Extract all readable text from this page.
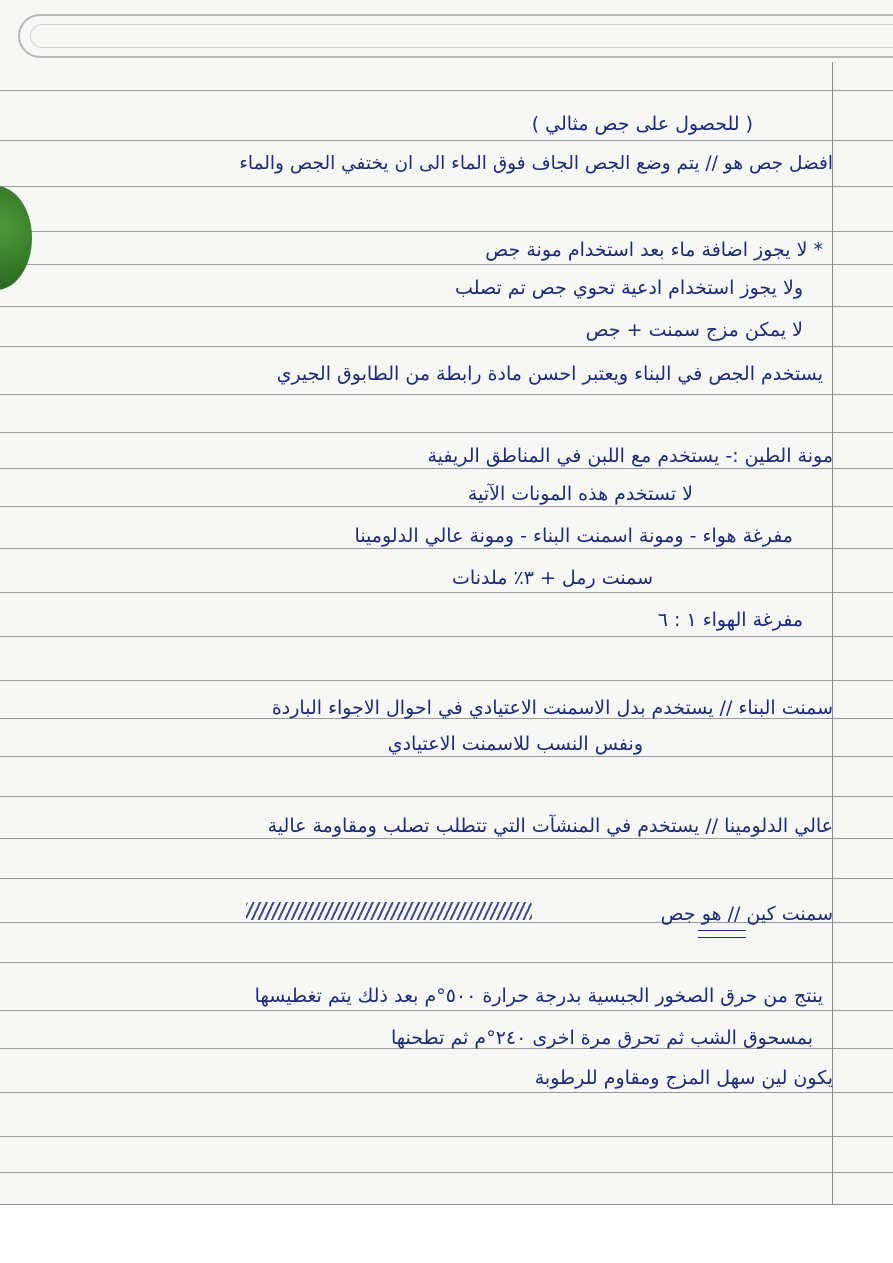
( للحصول على جص مثالي )
افضل جص هو // يتم وضع الجص الجاف فوق الماء الى ان يختفي الجص والماء
* لا يجوز اضافة ماء بعد استخدام مونة جص
ولا يجوز استخدام ادعية تحوي جص تم تصلب
لا يمكن مزج سمنت + جص
يستخدم الجص في البناء ويعتبر احسن مادة رابطة من الطابوق الجيري
مونة الطين :- يستخدم مع اللبن في المناطق الريفية
لا تستخدم هذه المونات الآتية
مفرغة هواء - ومونة اسمنت البناء - ومونة عالي الدلومينا
سمنت رمل + ٣٪ ملدنات
مفرغة الهواء ١ : ٦
سمنت البناء // يستخدم بدل الاسمنت الاعتيادي في احوال الاجواء الباردة
ونفس النسب للاسمنت الاعتيادي
عالي الدلومينا // يستخدم في المنشآت التي تتطلب تصلب ومقاومة عالية
سمنت كين // هو جص
ينتج من حرق الصخور الجبسية بدرجة حرارة ٥٠٠°م بعد ذلك يتم تغطيسها
بمسحوق الشب ثم تحرق مرة اخرى ٢٤٠°م ثم تطحنها
يكون لين سهل المزج ومقاوم للرطوبة
